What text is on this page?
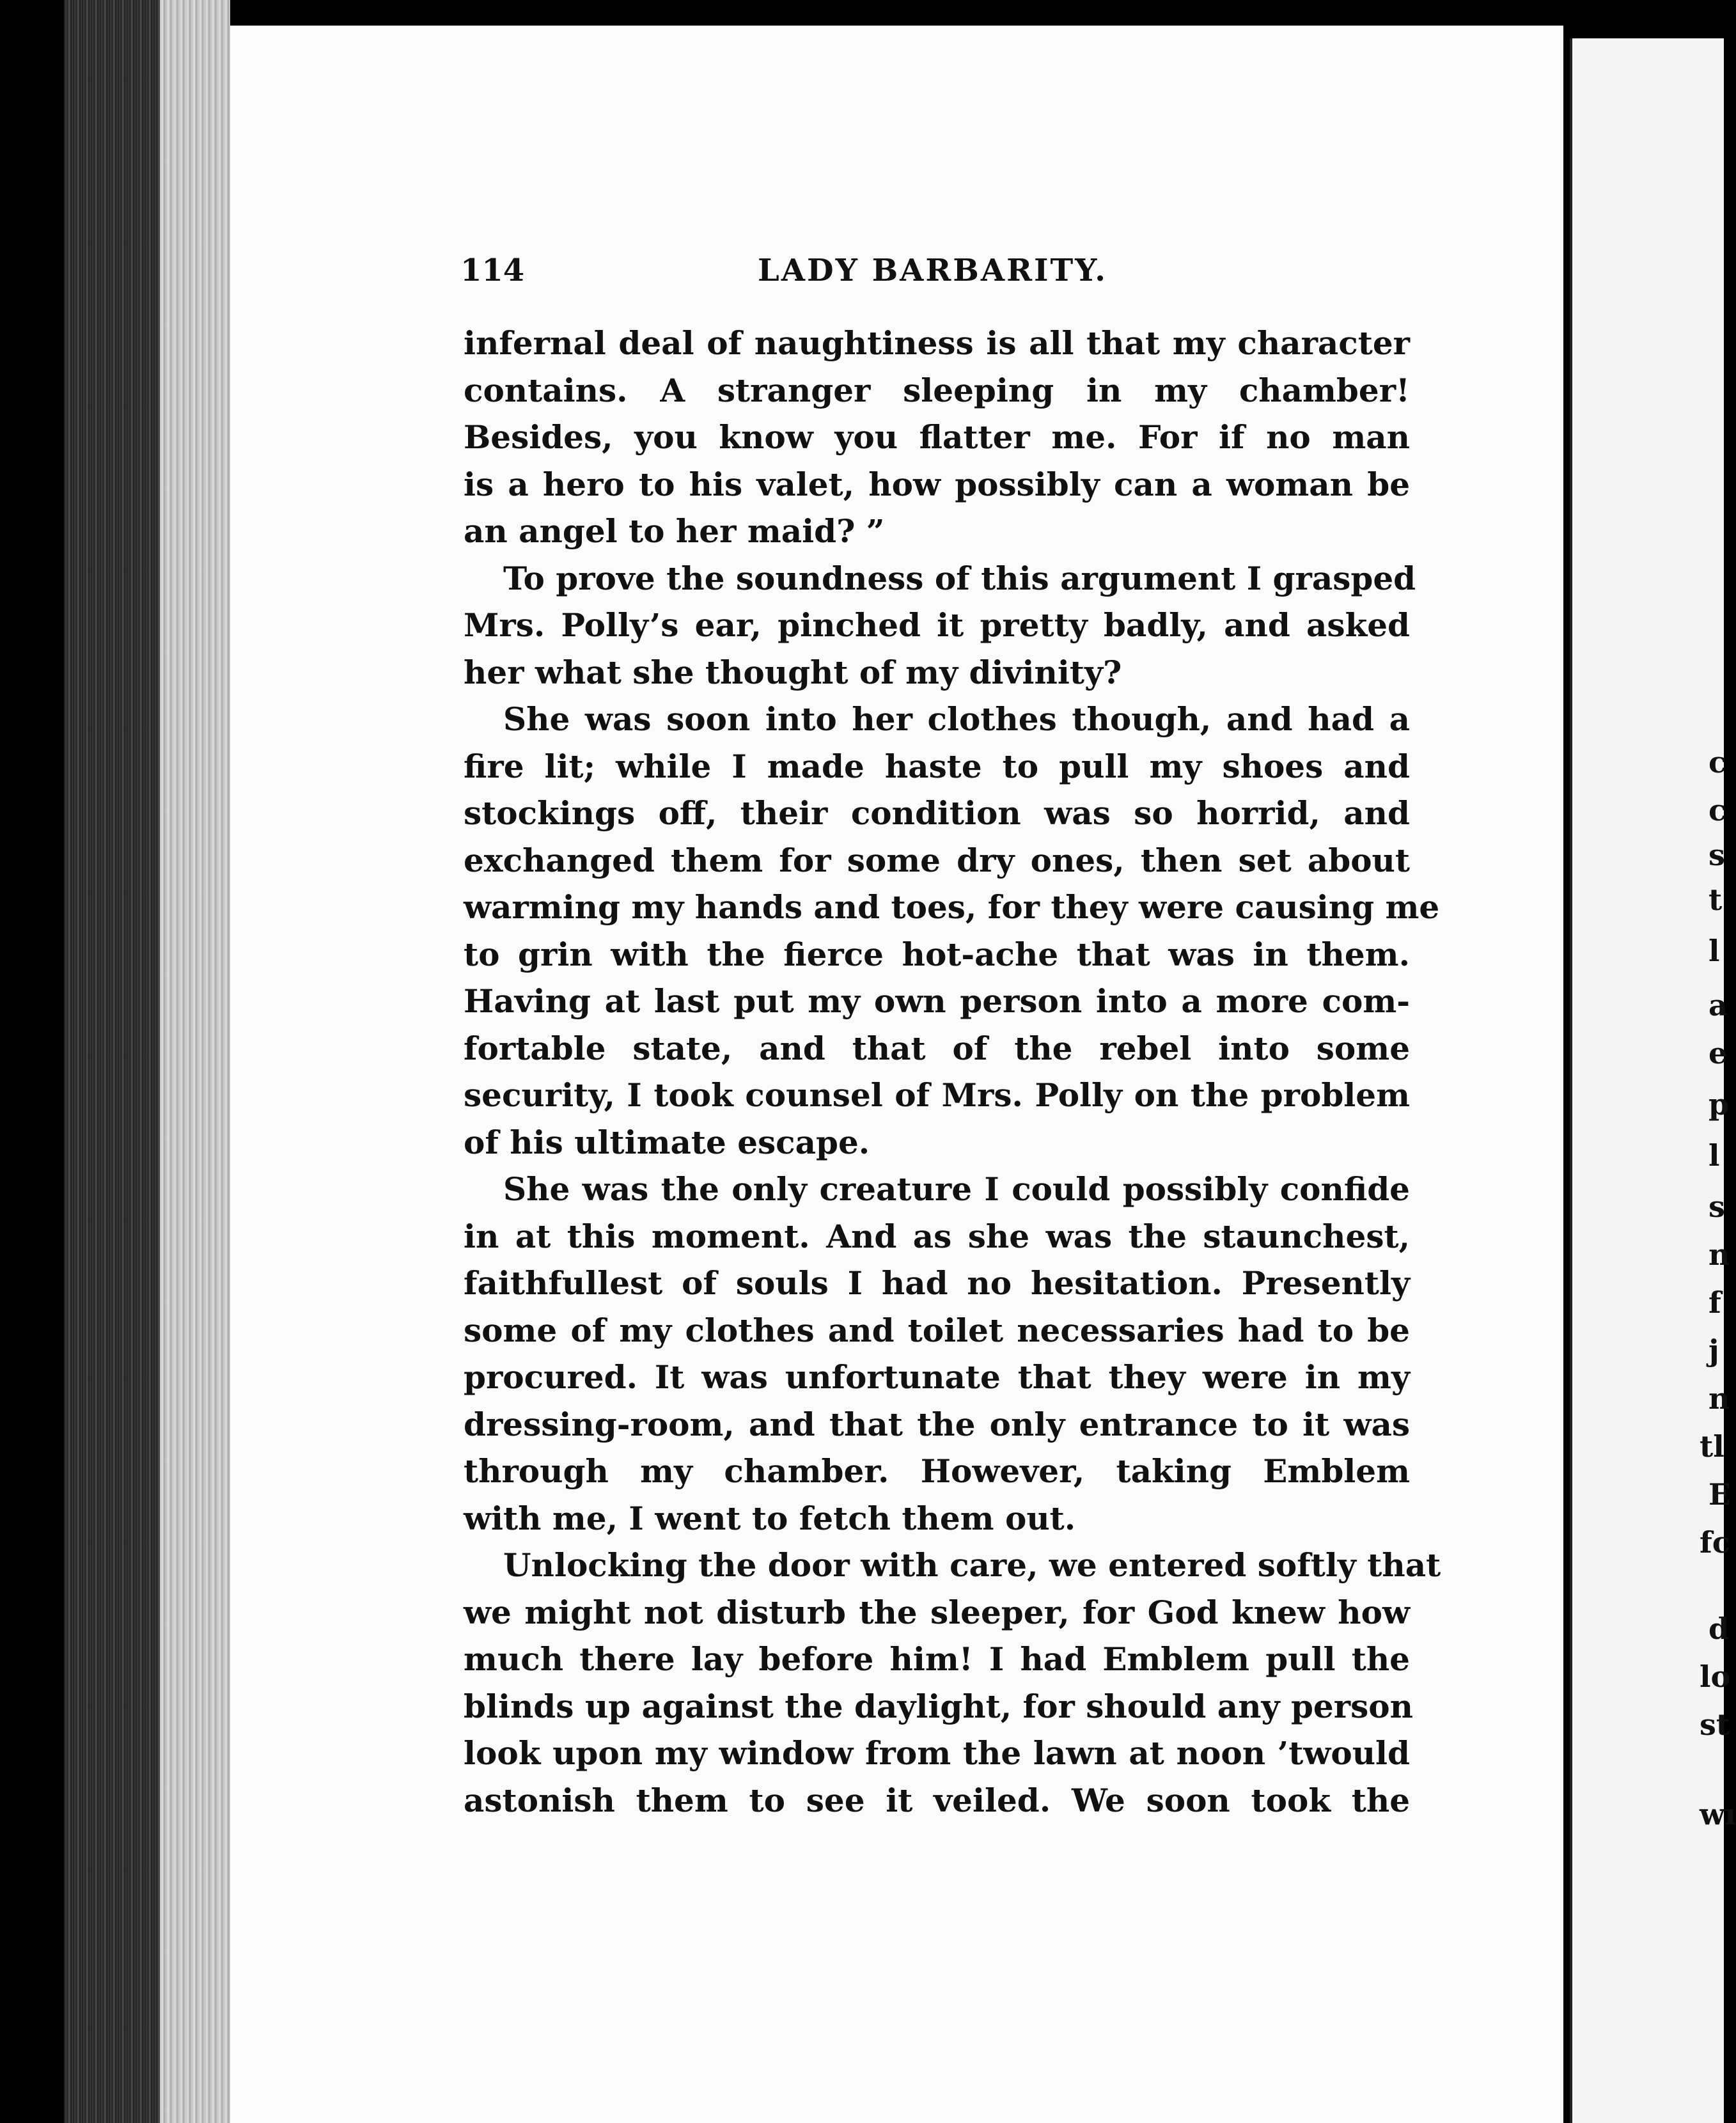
c
c
s
t
l
a
e
p
l
s
n
f
j
n
tl
E
fc
d
lo
st
wı
114	LADY BARBARITY.
infernal deal of naughtiness is all that my character
contains. A stranger sleeping in my chamber!
Besides, you know you flatter me. For if no man
is a hero to his valet, how possibly can a woman be
an angel to her maid? ”
To prove the soundness of this argument I grasped
Mrs. Polly’s ear, pinched it pretty badly, and asked
her what she thought of my divinity?
She was soon into her clothes though, and had a
fire lit; while I made haste to pull my shoes and
stockings off, their condition was so horrid, and
exchanged them for some dry ones, then set about
warming my hands and toes, for they were causing me
to grin with the fierce hot-ache that was in them.
Having at last put my own person into a more com-
fortable state, and that of the rebel into some
security, I took counsel of Mrs. Polly on the problem
of his ultimate escape.
She was the only creature I could possibly confide
in at this moment. And as she was the staunchest,
faithfullest of souls I had no hesitation. Presently
some of my clothes and toilet necessaries had to be
procured. It was unfortunate that they were in my
dressing-room, and that the only entrance to it was
through my chamber. However, taking Emblem
with me, I went to fetch them out.
Unlocking the door with care, we entered softly that
we might not disturb the sleeper, for God knew how
much there lay before him! I had Emblem pull the
blinds up against the daylight, for should any person
look upon my window from the lawn at noon ’twould
astonish them to see it veiled. We soon took the
